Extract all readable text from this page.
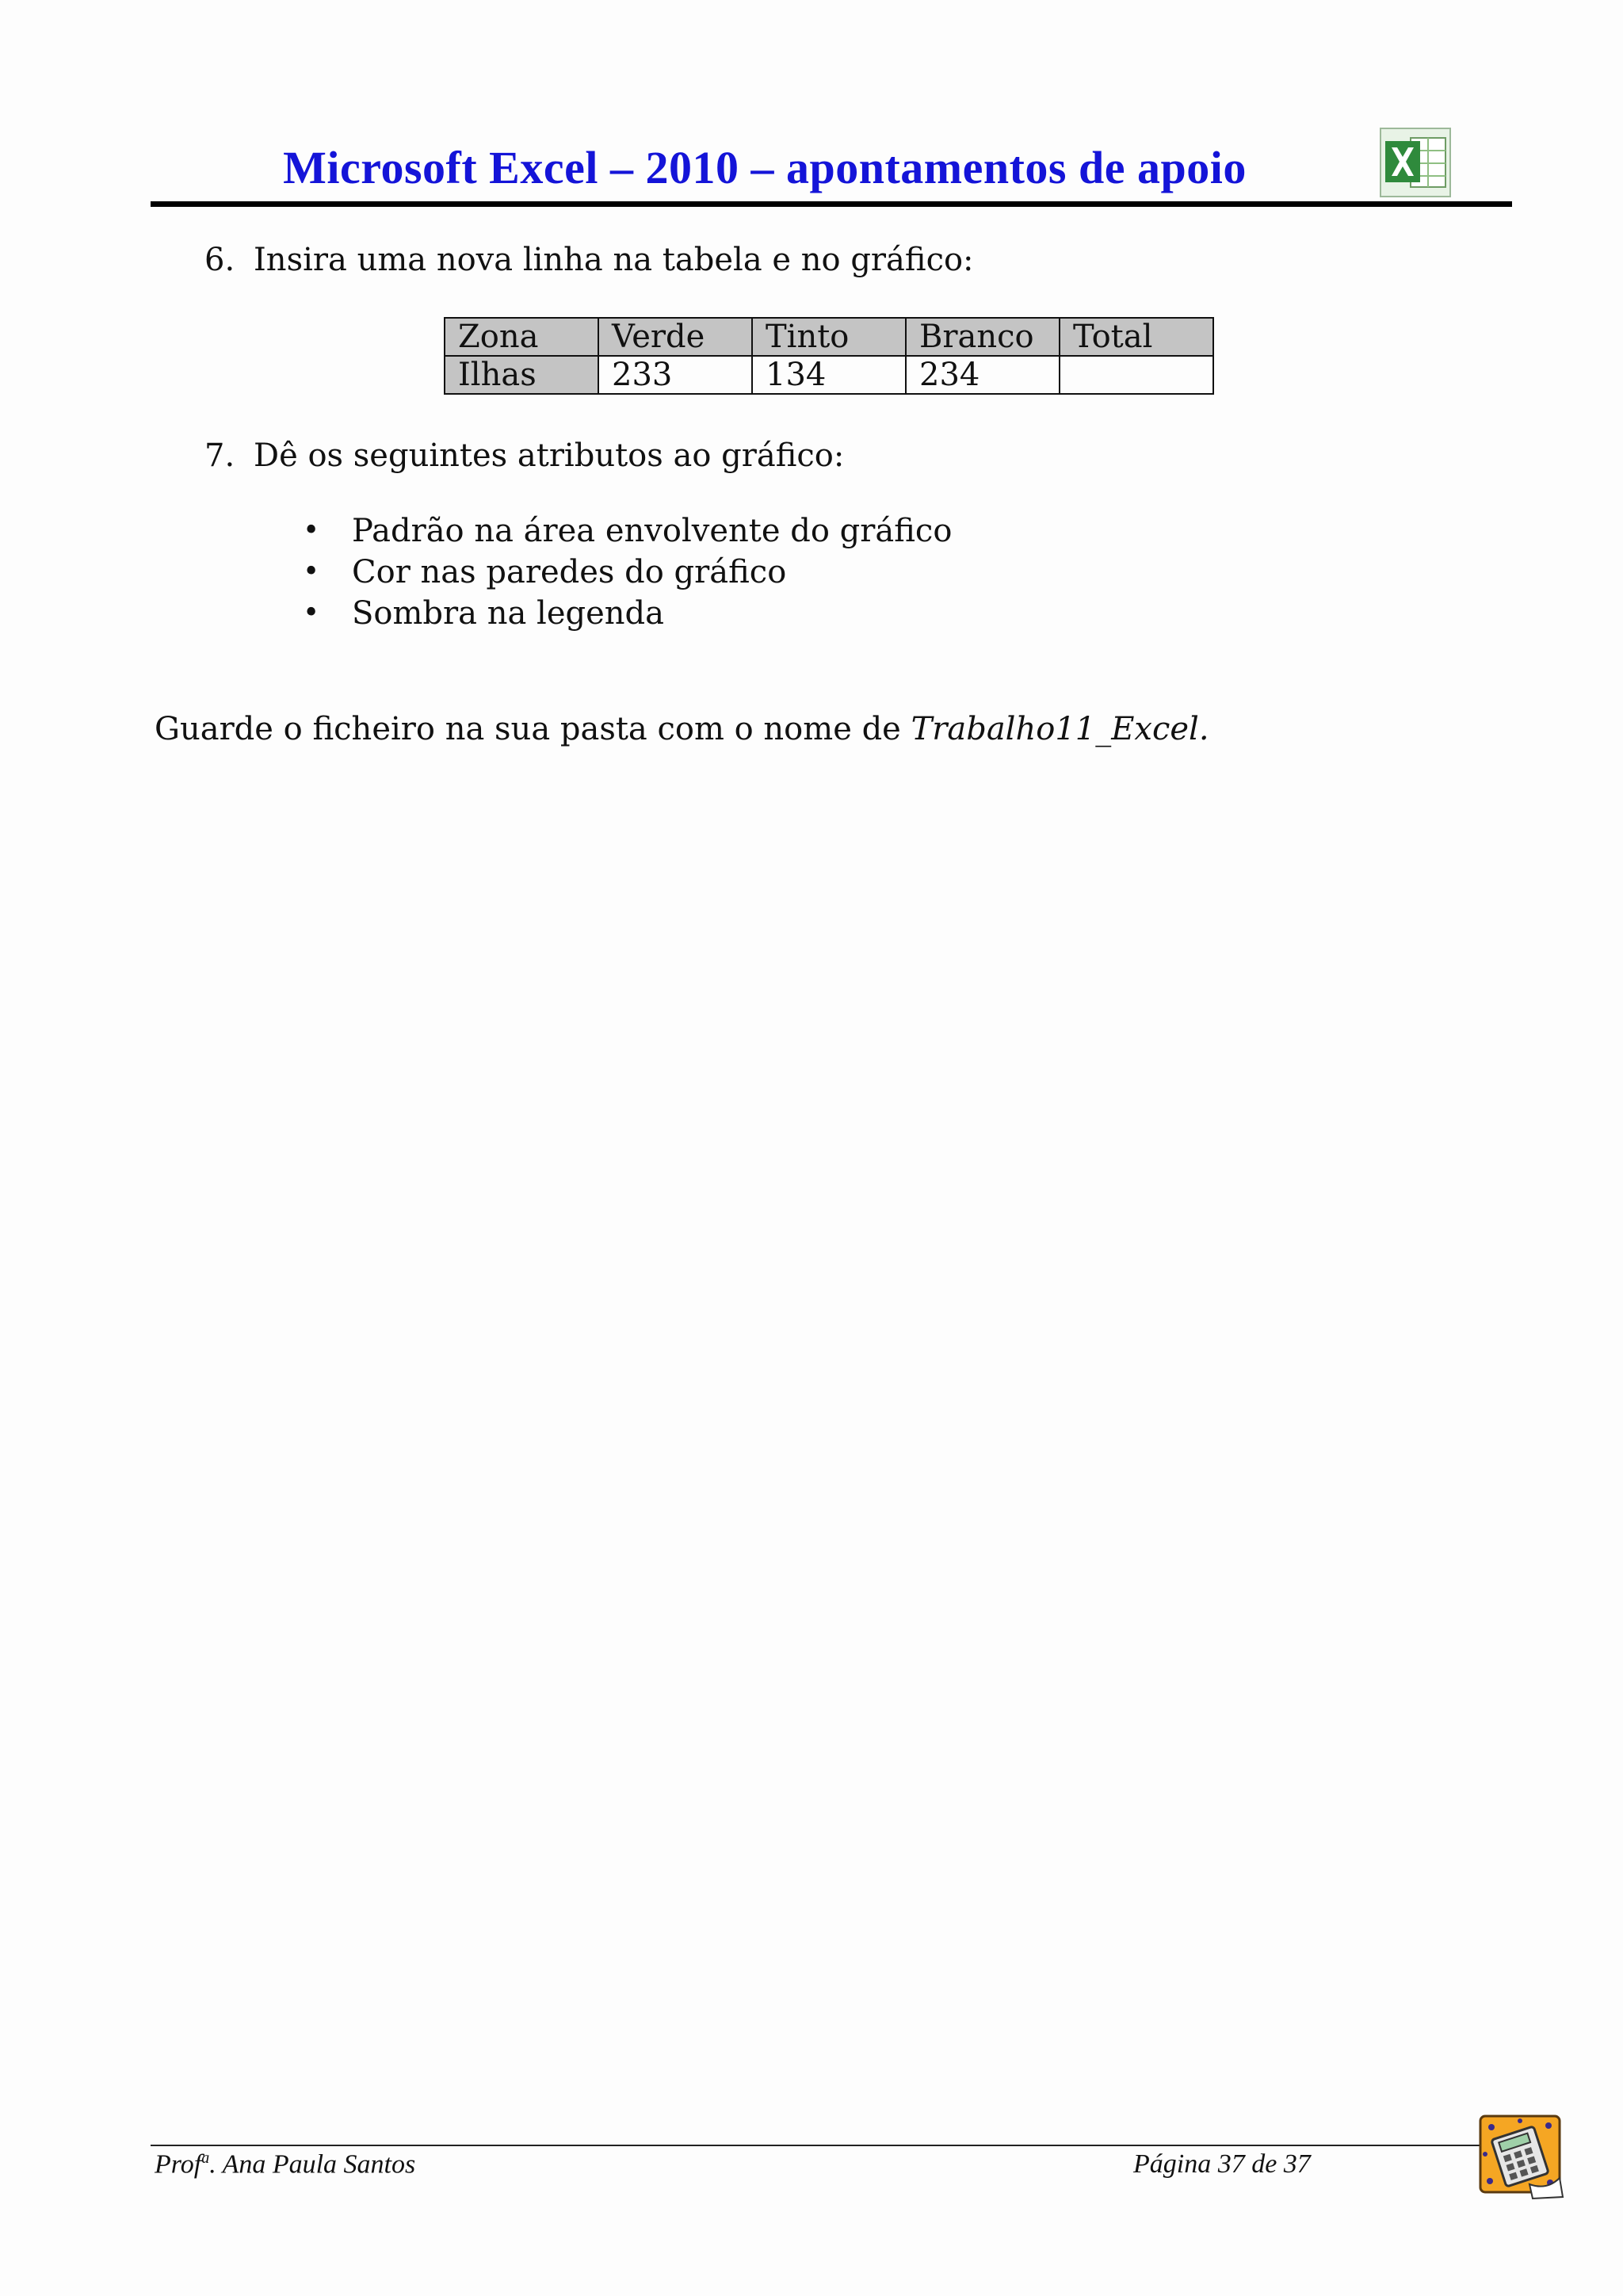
Microsoft Excel – 2010 – apontamentos de apoio
6. Insira uma nova linha na tabela e no gráfico:
Zona	Verde	Tinto	Branco	Total
Ilhas	233	134	234	
7. Dê os seguintes atributos ao gráfico:
• Padrão na área envolvente do gráfico
• Cor nas paredes do gráfico
• Sombra na legenda
Guarde o ficheiro na sua pasta com o nome de Trabalho11_Excel.
Prof$^a$. Ana Paula Santos	Página 37 de 37
